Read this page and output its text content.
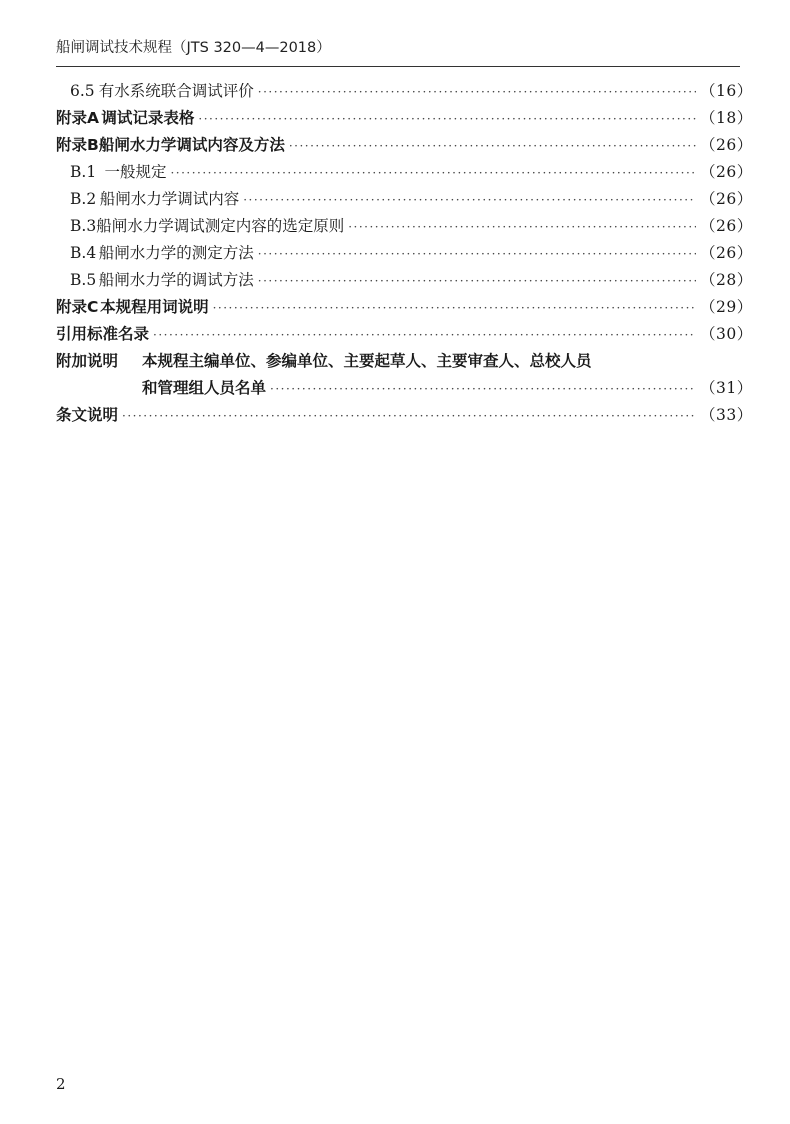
船闸调试技术规程（JTS 320—4—2018）
6.5 有水系统联合调试评价 ·····	（16）
附录A 调试记录表格 ·····	（18）
附录B 船闸水力学调试内容及方法 ·····	（26）
B.1 一般规定 ·····	（26）
B.2 船闸水力学调试内容 ·····	（26）
B.3 船闸水力学调试测定内容的选定原则 ·····	（26）
B.4 船闸水力学的测定方法 ·····	（26）
B.5 船闸水力学的调试方法 ·····	（28）
附录C 本规程用词说明 ·····	（29）
引用标准名录 ·····	（30）
附加说明	本规程主编单位、参编单位、主要起草人、主要审查人、总校人员
和管理组人员名单 ·····	（31）
条文说明 ·····	（33）
2
